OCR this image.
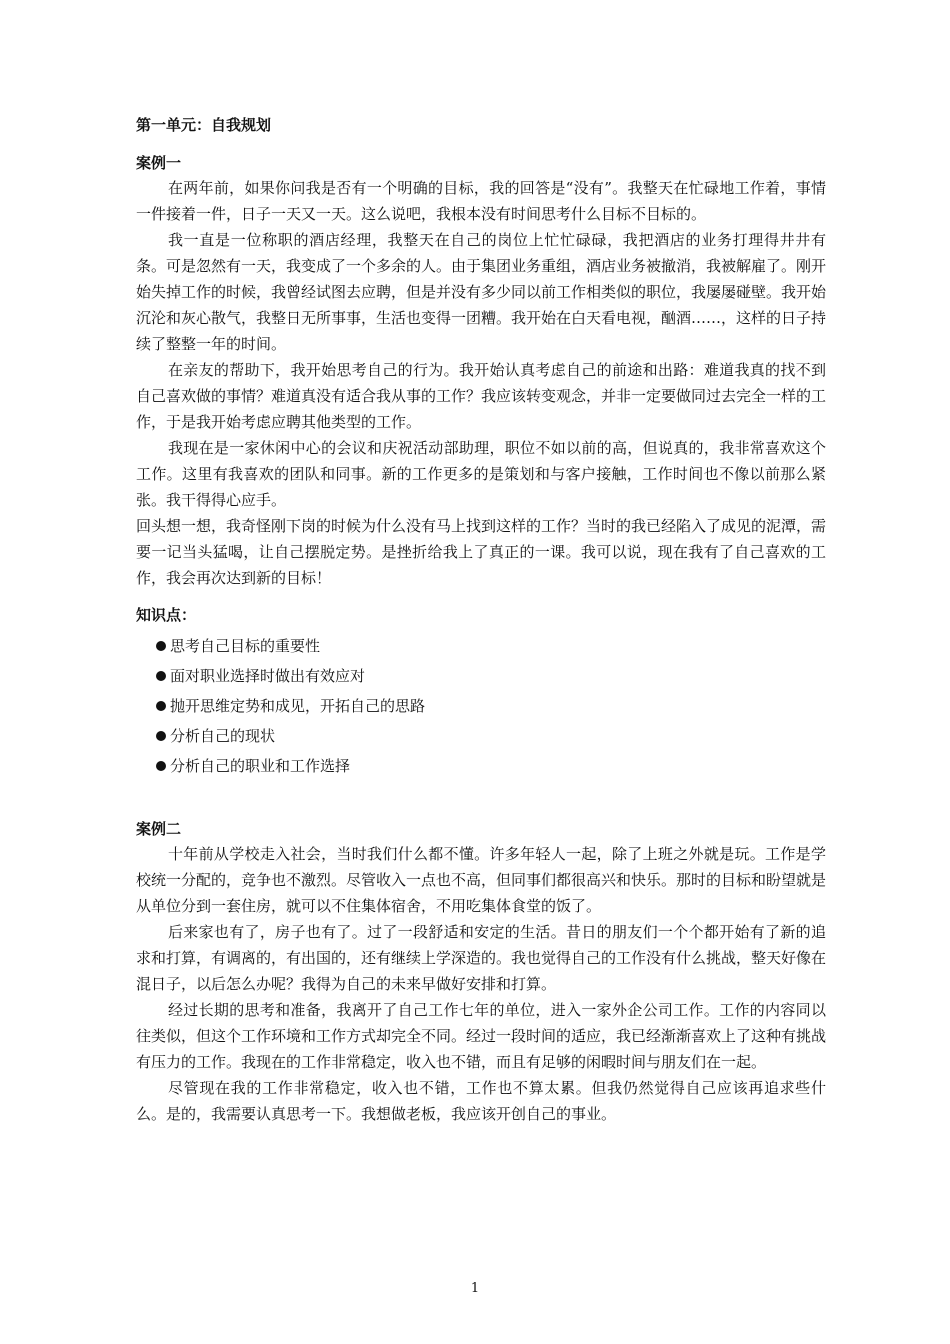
第一单元：自我规划
案例一

在两年前，如果你问我是否有一个明确的目标，我的回答是“没有”。我整天在忙碌地工作着，事情一件接着一件，日子一天又一天。这么说吧，我根本没有时间思考什么目标不目标的。

我一直是一位称职的酒店经理，我整天在自己的岗位上忙忙碌碌，我把酒店的业务打理得井井有条。可是忽然有一天，我变成了一个多余的人。由于集团业务重组，酒店业务被撤消，我被解雇了。刚开始失掉工作的时候，我曾经试图去应聘，但是并没有多少同以前工作相类似的职位，我屡屡碰壁。我开始沉沦和灰心散气，我整日无所事事，生活也变得一团糟。我开始在白天看电视，酗酒……，这样的日子持续了整整一年的时间。

在亲友的帮助下，我开始思考自己的行为。我开始认真考虑自己的前途和出路：难道我真的找不到自己喜欢做的事情？难道真没有适合我从事的工作？我应该转变观念，并非一定要做同过去完全一样的工作，于是我开始考虑应聘其他类型的工作。

我现在是一家休闲中心的会议和庆祝活动部助理，职位不如以前的高，但说真的，我非常喜欢这个工作。这里有我喜欢的团队和同事。新的工作更多的是策划和与客户接触，工作时间也不像以前那么紧张。我干得得心应手。

回头想一想，我奇怪刚下岗的时候为什么没有马上找到这样的工作？当时的我已经陷入了成见的泥潭，需要一记当头猛喝，让自己摆脱定势。是挫折给我上了真正的一课。我可以说，现在我有了自己喜欢的工作，我会再次达到新的目标！

知识点：
思考自己目标的重要性
面对职业选择时做出有效应对
抛开思维定势和成见，开拓自己的思路
分析自己的现状
分析自己的职业和工作选择
案例二

十年前从学校走入社会，当时我们什么都不懂。许多年轻人一起，除了上班之外就是玩。工作是学校统一分配的，竞争也不激烈。尽管收入一点也不高，但同事们都很高兴和快乐。那时的目标和盼望就是从单位分到一套住房，就可以不住集体宿舍，不用吃集体食堂的饭了。

后来家也有了，房子也有了。过了一段舒适和安定的生活。昔日的朋友们一个个都开始有了新的追求和打算，有调离的，有出国的，还有继续上学深造的。我也觉得自己的工作没有什么挑战，整天好像在混日子，以后怎么办呢？我得为自己的未来早做好安排和打算。

经过长期的思考和准备，我离开了自己工作七年的单位，进入一家外企公司工作。工作的内容同以往类似，但这个工作环境和工作方式却完全不同。经过一段时间的适应，我已经渐渐喜欢上了这种有挑战有压力的工作。我现在的工作非常稳定，收入也不错，而且有足够的闲暇时间与朋友们在一起。

尽管现在我的工作非常稳定，收入也不错，工作也不算太累。但我仍然觉得自己应该再追求些什么。是的，我需要认真思考一下。我想做老板，我应该开创自己的事业。

1
